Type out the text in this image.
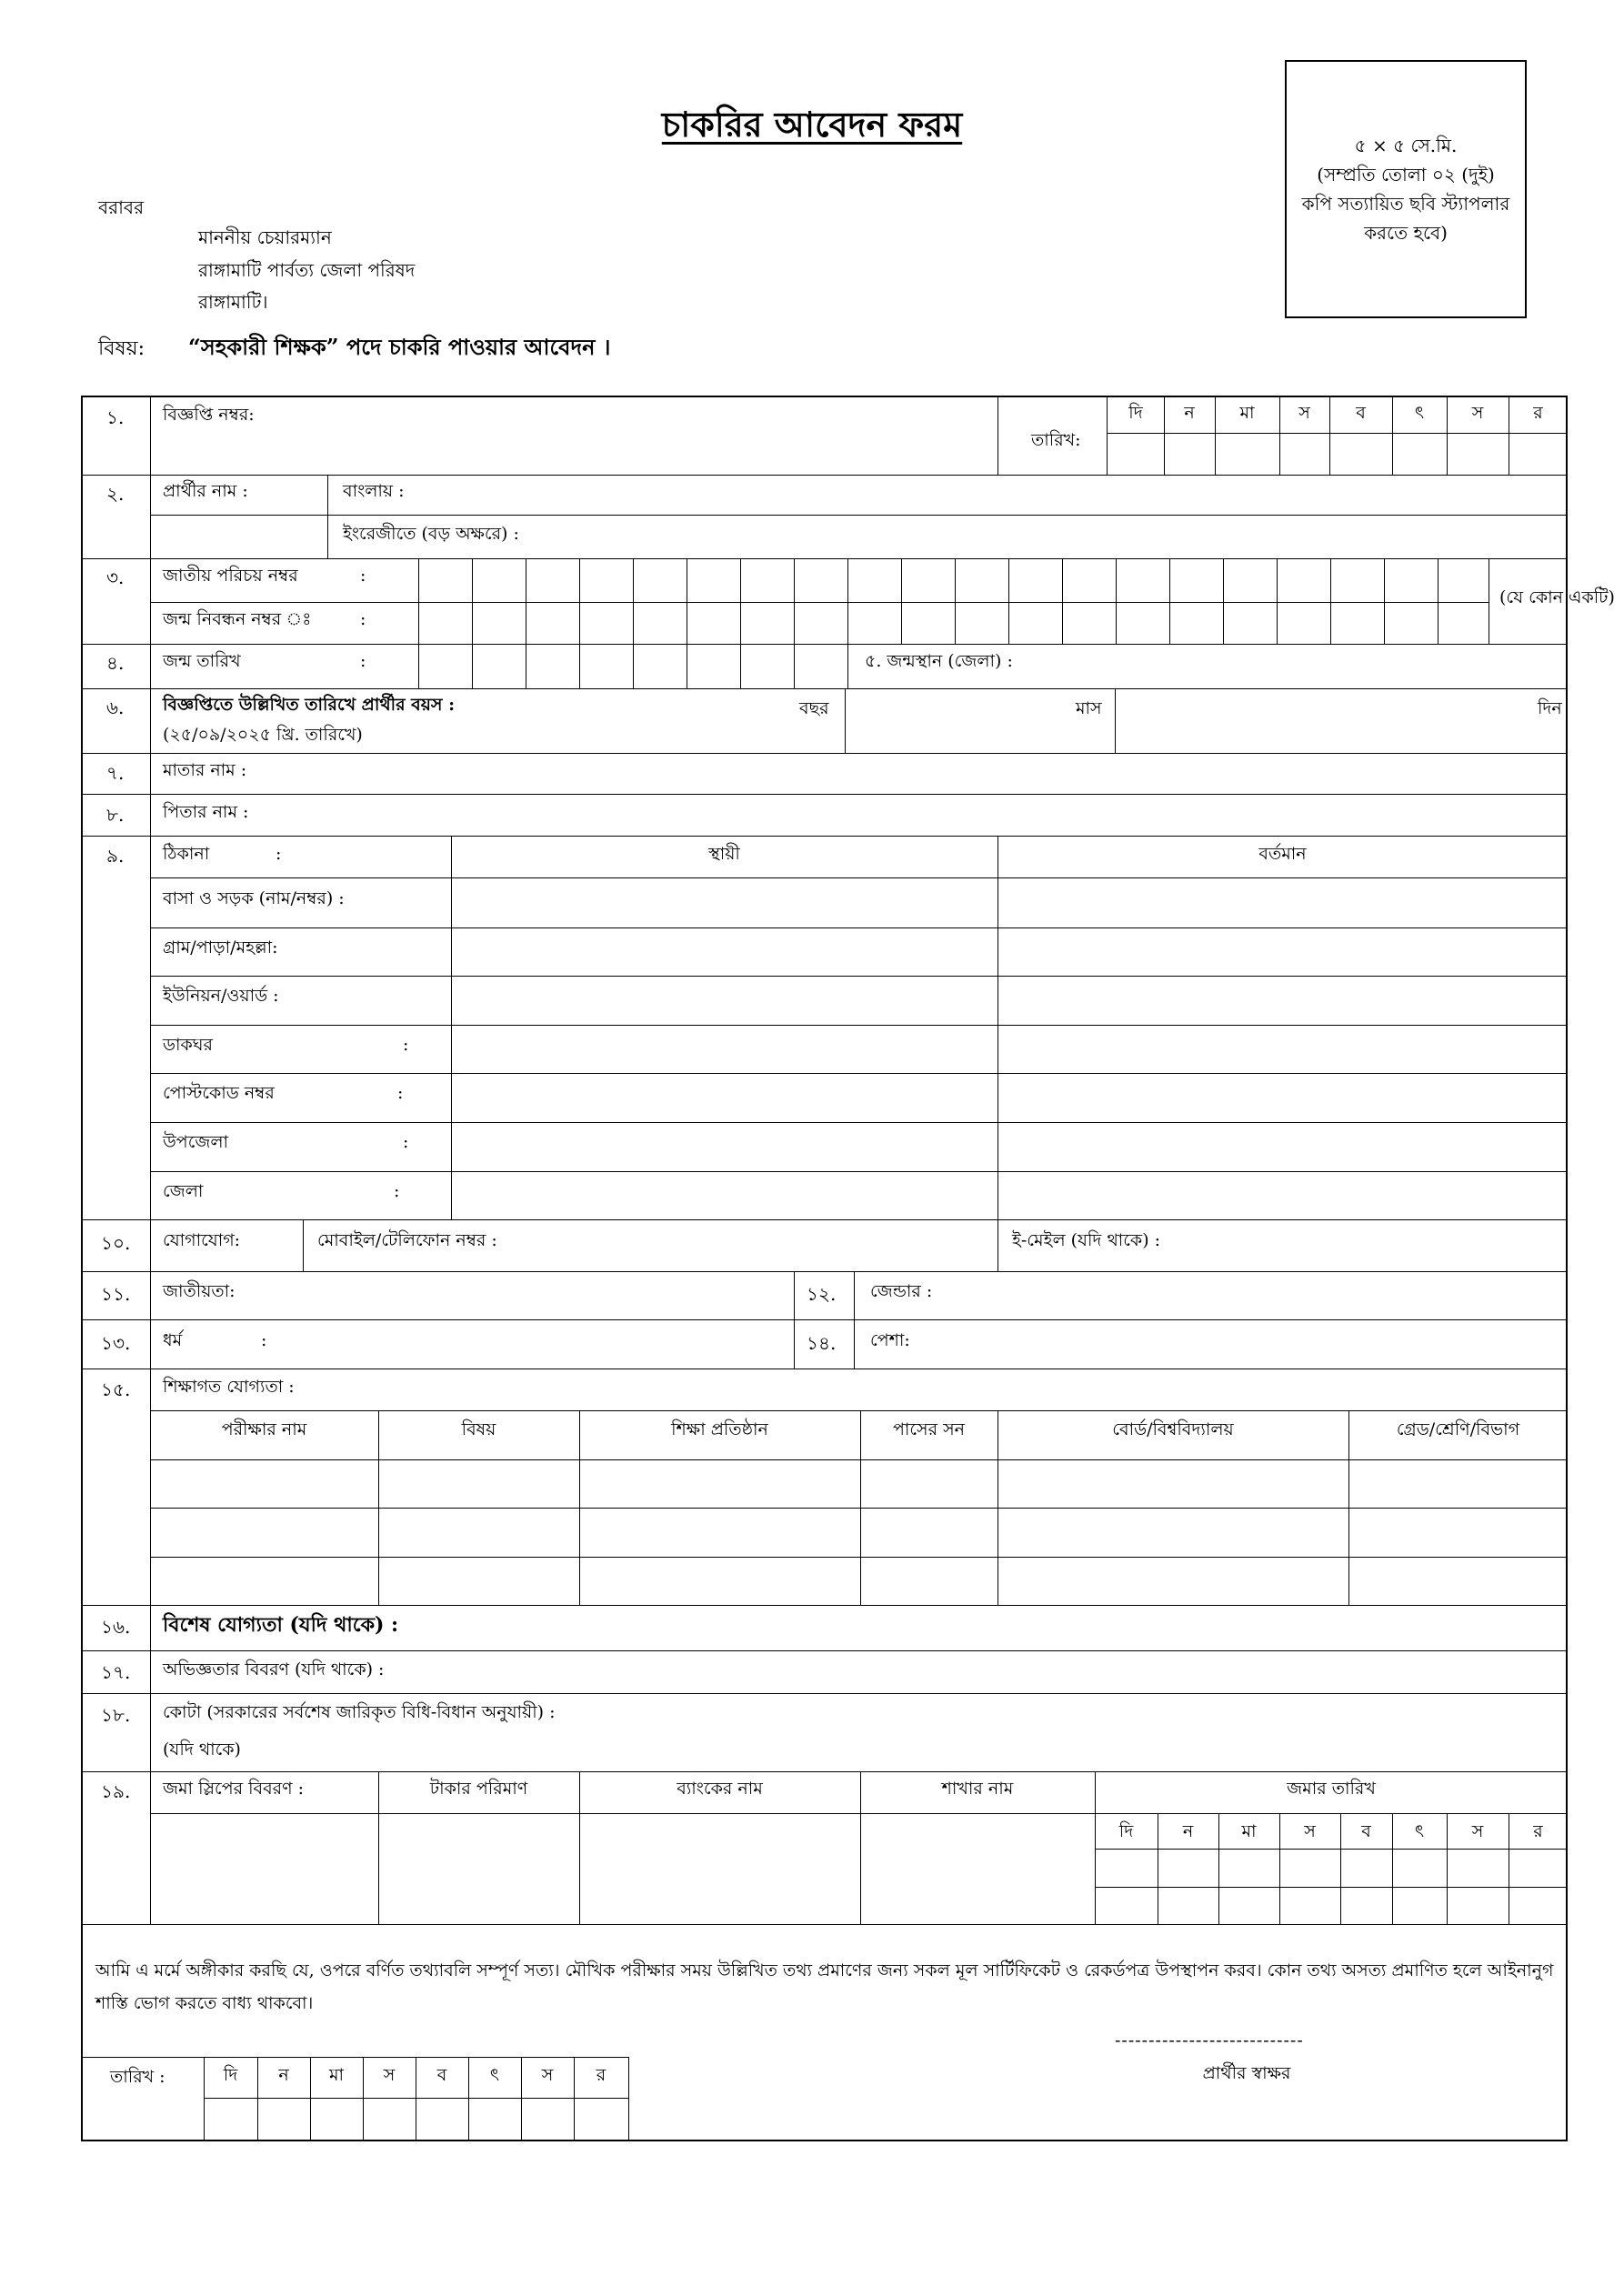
চাকরির আবেদন ফরম
৫ × ৫ সে.মি.
(সম্প্রতি তোলা ০২ (দুই)
কপি সত্যায়িত ছবি স্ট্যাপলার
করতে হবে)
বরাবর
মাননীয় চেয়ারম্যান
রাঙ্গামাটি পার্বত্য জেলা পরিষদ
রাঙ্গামাটি।
বিষয়: “সহকারী শিক্ষক” পদে চাকরি পাওয়ার আবেদন ।
১. বিজ্ঞপ্তি নম্বর:
তারিখ:
দি	ন	মা	স	ব	ৎ	স	র
২. প্রার্থীর নাম :	বাংলায় :
ইংরেজীতে (বড় অক্ষরে) :
৩. জাতীয় পরিচয় নম্বর	:
জন্ম নিবন্ধন নম্বর ঃ	:
(যে কোন একটি)
৪. জন্ম তারিখ	:	৫. জন্মস্থান (জেলা) :
৬. বিজ্ঞপ্তিতে উল্লিখিত তারিখে প্রার্থীর বয়স :
(২৫/০৯/২০২৫ খ্রি. তারিখে)
বছর	মাস	দিন
৭. মাতার নাম :
৮. পিতার নাম :
৯. ঠিকানা	:	স্থায়ী	বর্তমান
বাসা ও সড়ক (নাম/নম্বর) :
গ্রাম/পাড়া/মহল্লা:
ইউনিয়ন/ওয়ার্ড :
ডাকঘর	:
পোস্টকোড নম্বর	:
উপজেলা	:
জেলা	:
১০. যোগাযোগ:	মোবাইল/টেলিফোন নম্বর :	ই-মেইল (যদি থাকে) :
১১. জাতীয়তা:	১২. জেন্ডার :
১৩. ধর্ম	:	১৪. পেশা:
১৫. শিক্ষাগত যোগ্যতা :
পরীক্ষার নাম	বিষয়	শিক্ষা প্রতিষ্ঠান	পাসের সন	বোর্ড/বিশ্ববিদ্যালয়	গ্রেড/শ্রেণি/বিভাগ
১৬. বিশেষ যোগ্যতা (যদি থাকে) :
১৭. অভিজ্ঞতার বিবরণ (যদি থাকে) :
১৮. কোটা (সরকারের সর্বশেষ জারিকৃত বিধি-বিধান অনুযায়ী) :
(যদি থাকে)
১৯. জমা স্লিপের বিবরণ :	টাকার পরিমাণ	ব্যাংকের নাম	শাখার নাম	জমার তারিখ
দি	ন	মা	স	ব	ৎ	স	র
আমি এ মর্মে অঙ্গীকার করছি যে, ওপরে বর্ণিত তথ্যাবলি সম্পূর্ণ সত্য। মৌখিক পরীক্ষার সময় উল্লিখিত তথ্য প্রমাণের জন্য সকল মূল সার্টিফিকেট ও রেকর্ডপত্র উপস্থাপন করব। কোন তথ্য অসত্য প্রমাণিত হলে আইনানুগ শাস্তি ভোগ করতে বাধ্য থাকবো।
----------------------------
প্রার্থীর স্বাক্ষর
তারিখ :	দি	ন	মা	স	ব	ৎ	স	র
